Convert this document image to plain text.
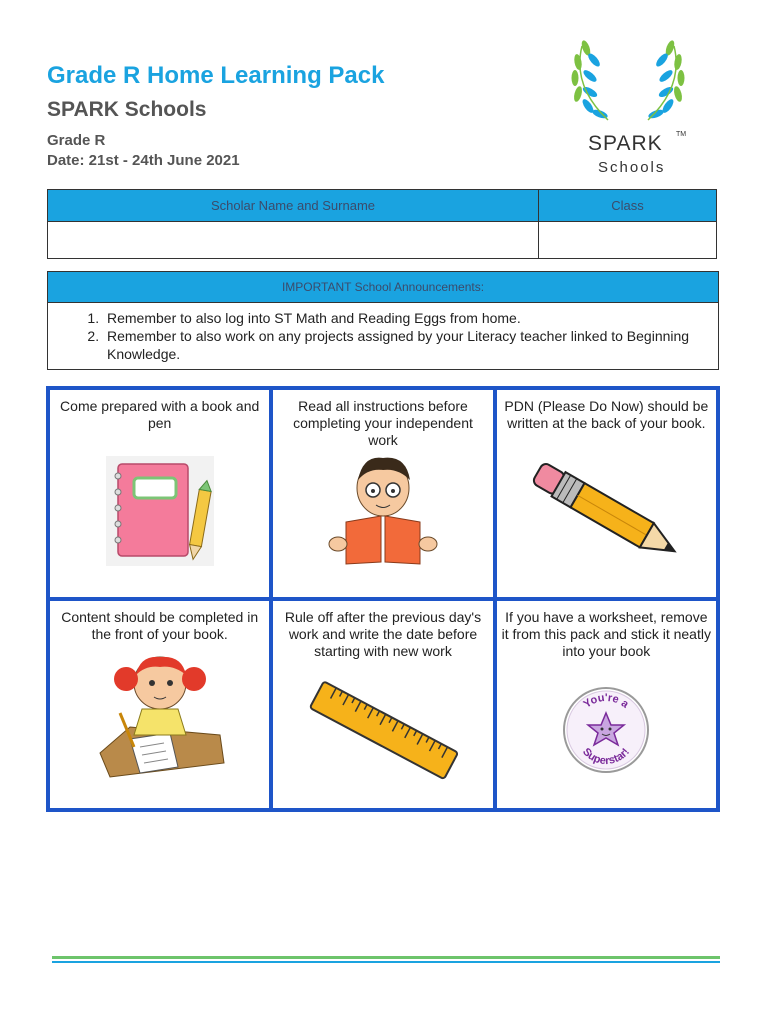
Grade R Home Learning Pack
SPARK Schools
Grade R
Date: 21st - 24th June 2021
SPARK TM
Schools
Scholar Name and Surname	Class

IMPORTANT School Announcements:
1. Remember to also log into ST Math and Reading Eggs from home.
2. Remember to also work on any projects assigned by your Literacy teacher linked to Beginning Knowledge.
Come prepared with a book and pen
Read all instructions before completing your independent work
PDN (Please Do Now) should be written at the back of your book.
Content should be completed in the front of your book.
Rule off after the previous day's work and write the date before starting with new work
If you have a worksheet, remove it from this pack and stick it neatly into your book
You're a
Superstar!
